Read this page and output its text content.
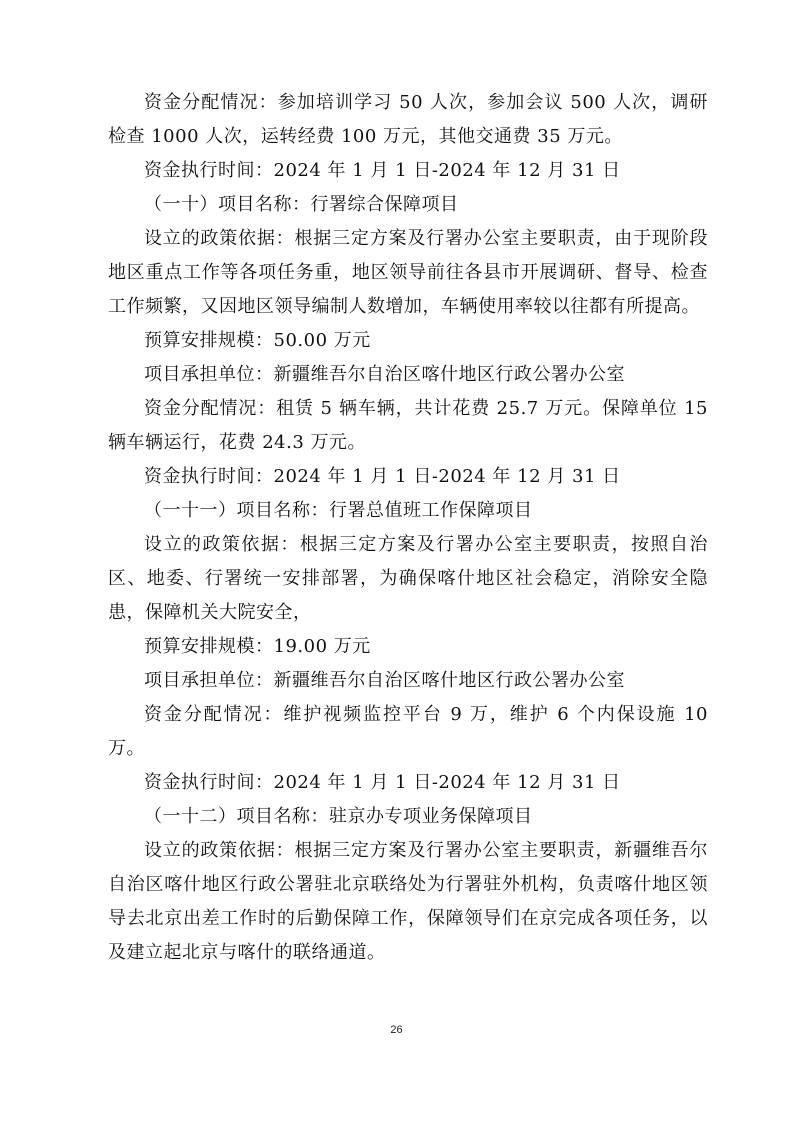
资金分配情况：参加培训学习 50 人次，参加会议 500 人次，调研检查 1000 人次，运转经费 100 万元，其他交通费 35 万元。

资金执行时间：2024 年 1 月 1 日-2024 年 12 月 31 日

（一十）项目名称：行署综合保障项目

设立的政策依据：根据三定方案及行署办公室主要职责，由于现阶段地区重点工作等各项任务重，地区领导前往各县市开展调研、督导、检查工作频繁，又因地区领导编制人数增加，车辆使用率较以往都有所提高。

预算安排规模：50.00 万元

项目承担单位：新疆维吾尔自治区喀什地区行政公署办公室

资金分配情况：租赁 5 辆车辆，共计花费 25.7 万元。保障单位 15 辆车辆运行，花费 24.3 万元。

资金执行时间：2024 年 1 月 1 日-2024 年 12 月 31 日

（一十一）项目名称：行署总值班工作保障项目

设立的政策依据：根据三定方案及行署办公室主要职责，按照自治区、地委、行署统一安排部署，为确保喀什地区社会稳定，消除安全隐患，保障机关大院安全，

预算安排规模：19.00 万元

项目承担单位：新疆维吾尔自治区喀什地区行政公署办公室

资金分配情况：维护视频监控平台 9 万，维护 6 个内保设施 10 万。

资金执行时间：2024 年 1 月 1 日-2024 年 12 月 31 日

（一十二）项目名称：驻京办专项业务保障项目

设立的政策依据：根据三定方案及行署办公室主要职责，新疆维吾尔自治区喀什地区行政公署驻北京联络处为行署驻外机构，负责喀什地区领导去北京出差工作时的后勤保障工作，保障领导们在京完成各项任务，以及建立起北京与喀什的联络通道。

26
